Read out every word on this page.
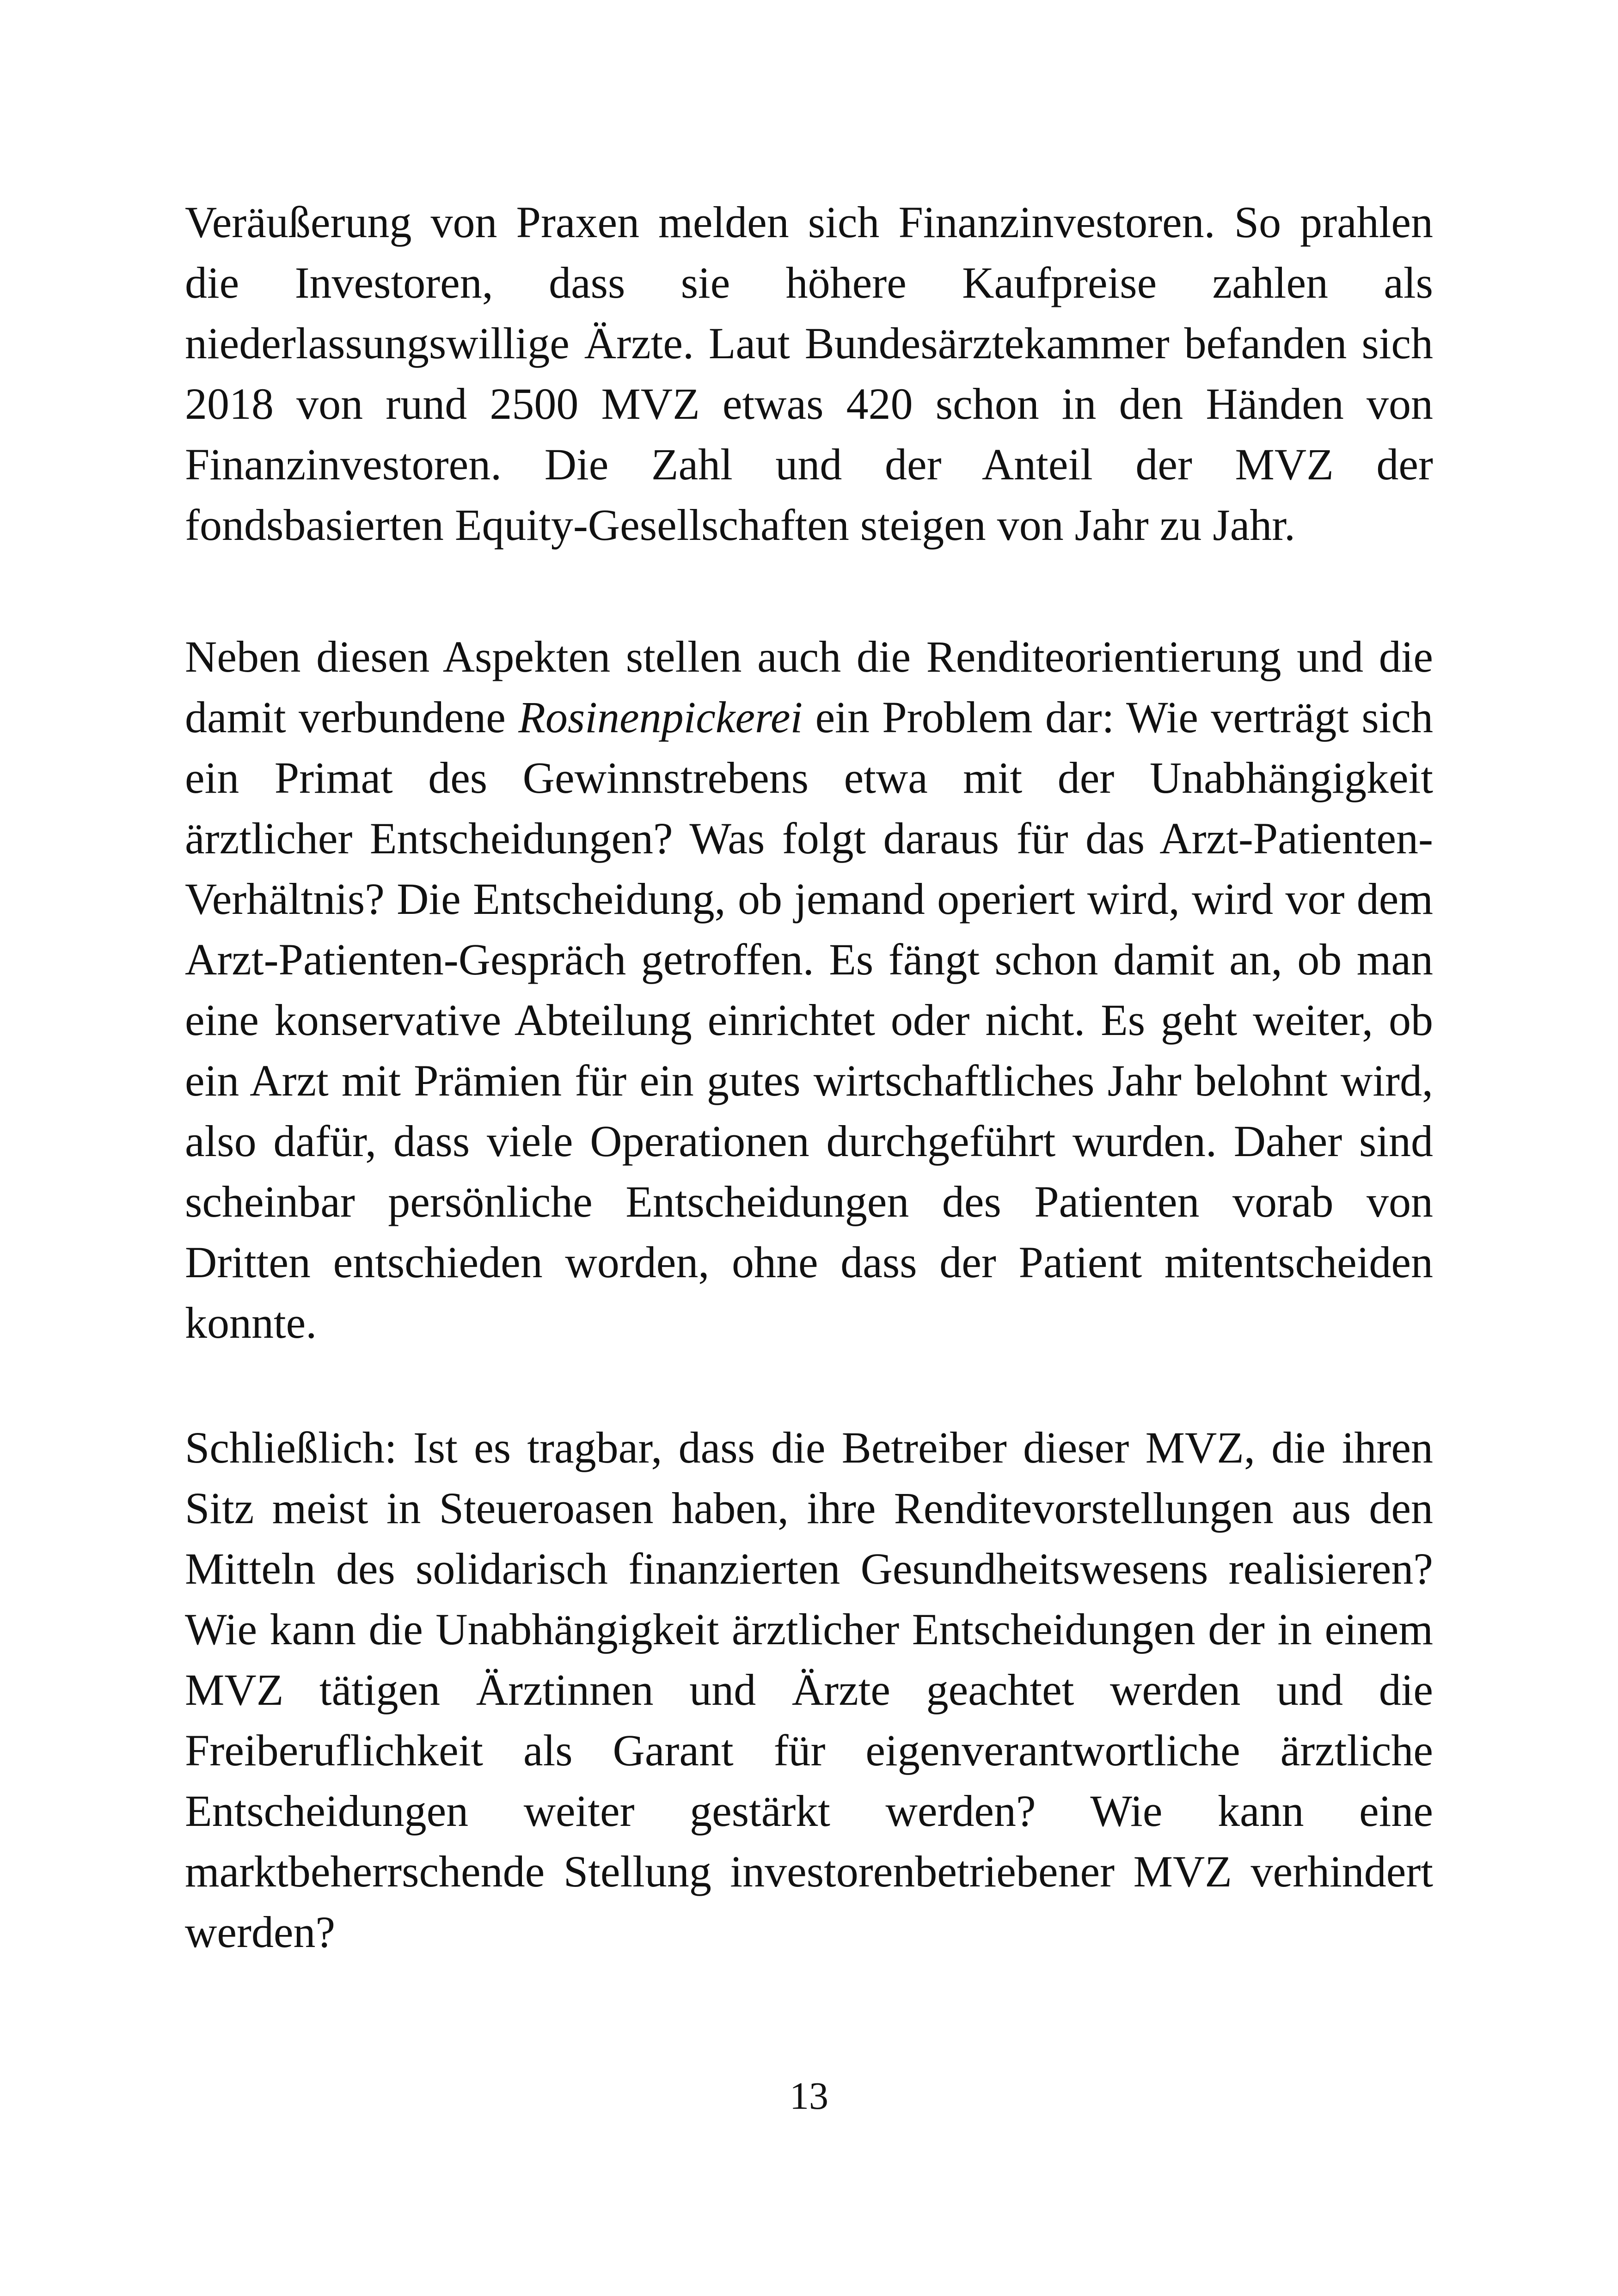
Veräußerung von Praxen melden sich Finanzinvestoren. So prahlen die Investoren, dass sie höhere Kaufpreise zahlen als niederlassungswillige Ärzte. Laut Bundesärztekammer befanden sich 2018 von rund 2500 MVZ etwas 420 schon in den Händen von Finanzinvestoren. Die Zahl und der Anteil der MVZ der fondsbasierten Equity-Gesellschaften steigen von Jahr zu Jahr.

Neben diesen Aspekten stellen auch die Renditeorientierung und die damit verbundene Rosinenpickerei ein Problem dar: Wie verträgt sich ein Primat des Gewinnstrebens etwa mit der Unabhängigkeit ärztlicher Entscheidungen? Was folgt daraus für das Arzt-Patienten-Verhältnis? Die Entscheidung, ob jemand operiert wird, wird vor dem Arzt-Patienten-Gespräch getroffen. Es fängt schon damit an, ob man eine konservative Abteilung einrichtet oder nicht. Es geht weiter, ob ein Arzt mit Prämien für ein gutes wirtschaftliches Jahr belohnt wird, also dafür, dass viele Operationen durchgeführt wurden. Daher sind scheinbar persönliche Entscheidungen des Patienten vorab von Dritten entschieden worden, ohne dass der Patient mitentscheiden konnte.

Schließlich: Ist es tragbar, dass die Betreiber dieser MVZ, die ihren Sitz meist in Steueroasen haben, ihre Renditevorstellungen aus den Mitteln des solidarisch finanzierten Gesundheitswesens realisieren? Wie kann die Unabhängigkeit ärztlicher Entscheidungen der in einem MVZ tätigen Ärztinnen und Ärzte geachtet werden und die Freiberuflichkeit als Garant für eigenverantwortliche ärztliche Entscheidungen weiter gestärkt werden? Wie kann eine marktbeherrschende Stellung investorenbetriebener MVZ verhindert werden?

13
